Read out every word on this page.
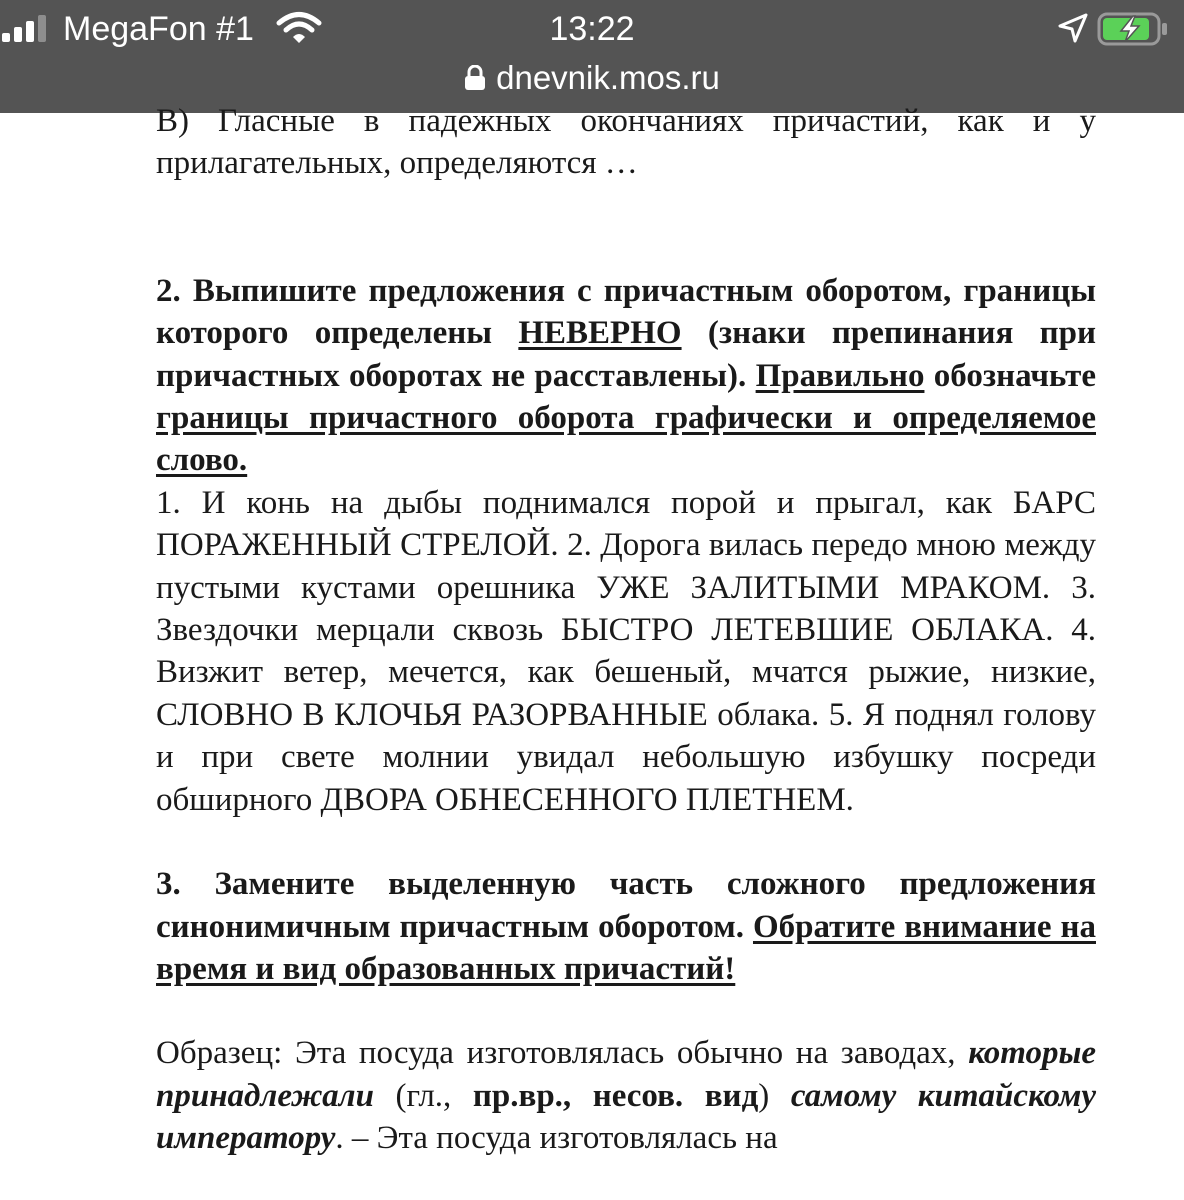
MegaFon #1	13:22
dnevnik.mos.ru

В) Гласные в падежных окончаниях причастий, как и у прилагательных, определяются …

2. Выпишите предложения с причастным оборотом, границы которого определены НЕВЕРНО (знаки препинания при причастных оборотах не расставлены). Правильно обозначьте границы причастного оборота графически и определяемое слово.

1. И конь на дыбы поднимался порой и прыгал, как БАРС ПОРАЖЕННЫЙ СТРЕЛОЙ. 2. Дорога вилась передо мною между пустыми кустами орешника УЖЕ ЗАЛИТЫМИ МРАКОМ. 3. Звездочки мерцали сквозь БЫСТРО ЛЕТЕВШИЕ ОБЛАКА. 4. Визжит ветер, мечется, как бешеный, мчатся рыжие, низкие, СЛОВНО В КЛОЧЬЯ РАЗОРВАННЫЕ облака. 5. Я поднял голову и при свете молнии увидал небольшую избушку посреди обширного ДВОРА ОБНЕСЕННОГО ПЛЕТНЕМ.

3. Замените выделенную часть сложного предложения синонимичным причастным оборотом. Обратите внимание на время и вид образованных причастий!

Образец: Эта посуда изготовлялась обычно на заводах, которые принадлежали (гл., пр.вр., несов. вид) самому китайскому императору. – Эта посуда изготовлялась на
